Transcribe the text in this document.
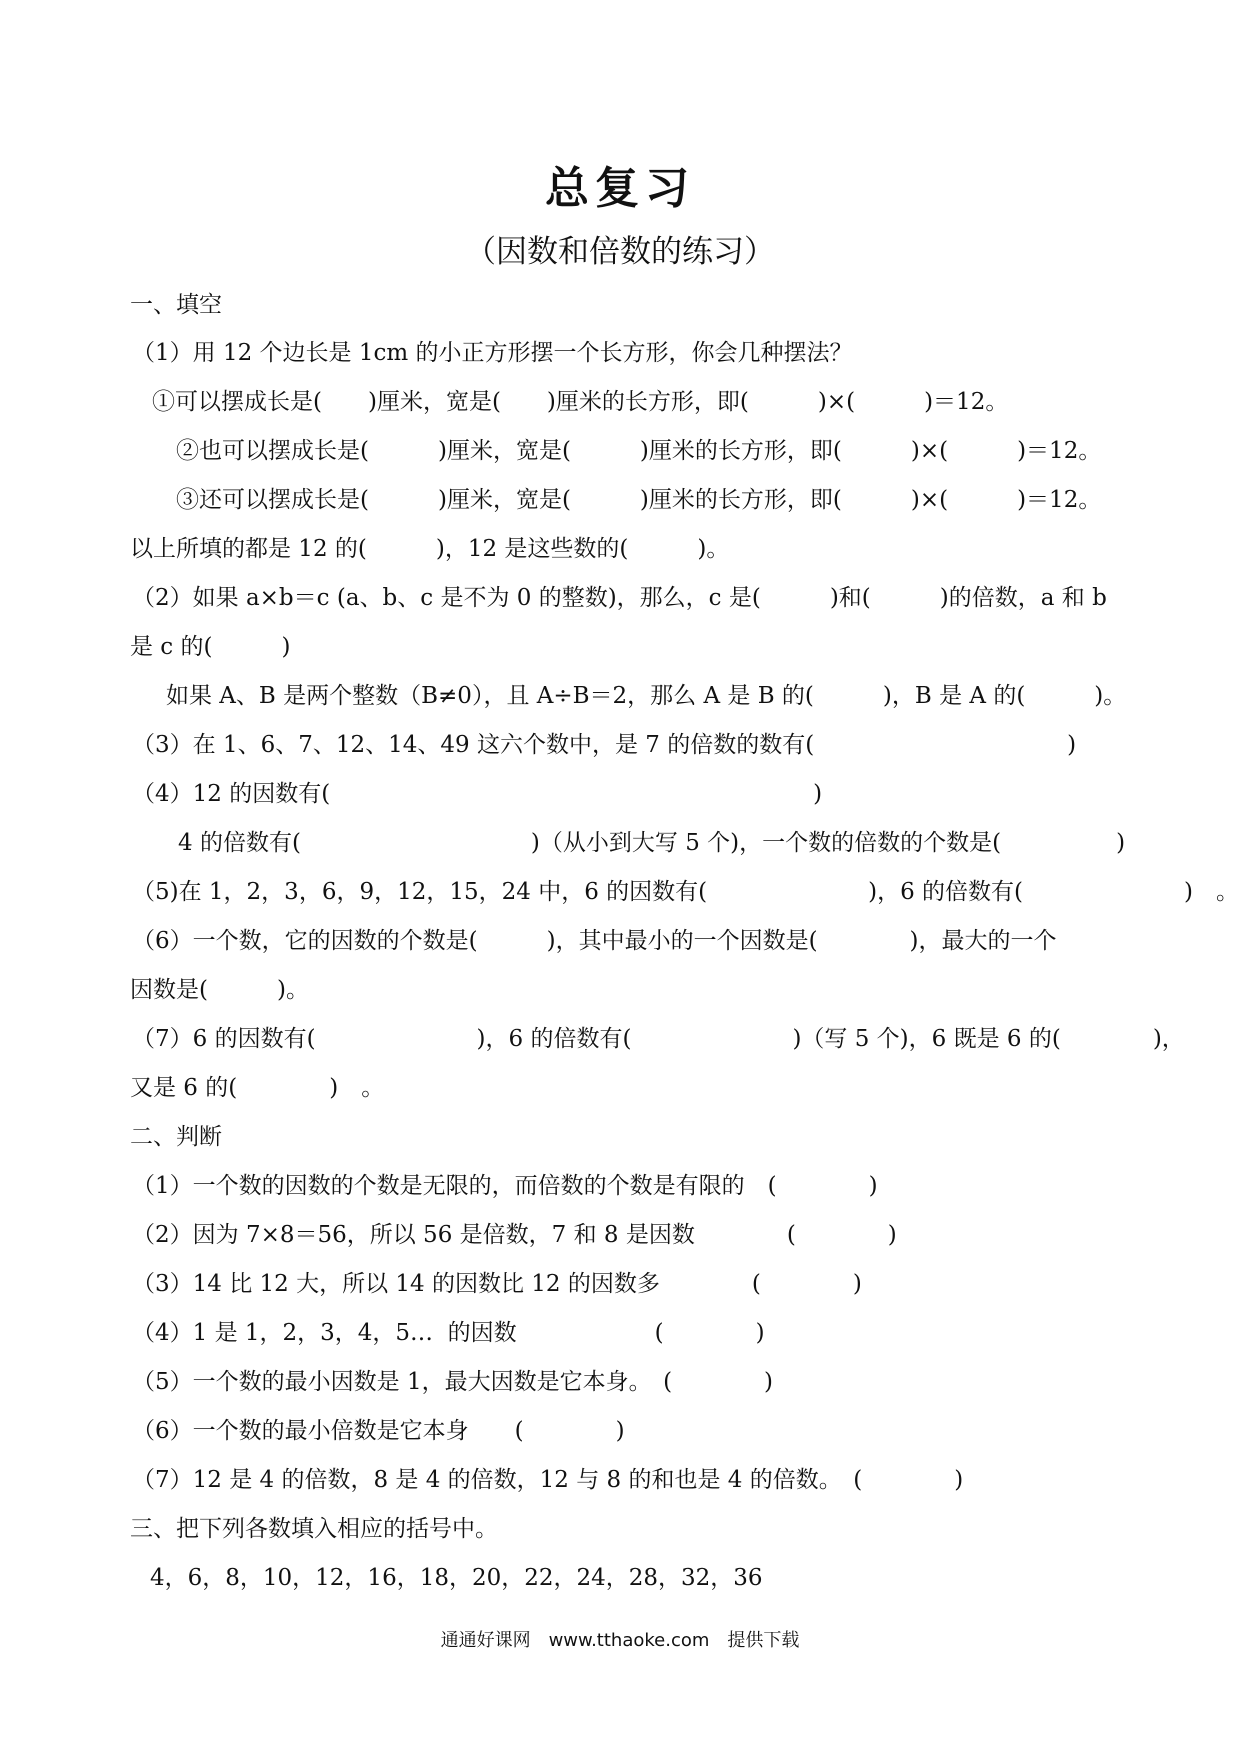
总复习
（因数和倍数的练习）
一、填空
（1）用 12 个边长是 1cm 的小正方形摆一个长方形，你会几种摆法？
①可以摆成长是(　　)厘米，宽是(　　)厘米的长方形，即(　　　)×(　　　)＝12。
②也可以摆成长是(　　　)厘米，宽是(　　　)厘米的长方形，即(　　　)×(　　　)＝12。
③还可以摆成长是(　　　)厘米，宽是(　　　)厘米的长方形，即(　　　)×(　　　)＝12。
以上所填的都是 12 的(　　　)，12 是这些数的(　　　)。
（2）如果 a×b＝c (a、b、c 是不为 0 的整数)，那么，c 是(　　　)和(　　　)的倍数，a 和 b
是 c 的(　　　)
如果 A、B 是两个整数（B≠0），且 A÷B＝2，那么 A 是 B 的(　　　)，B 是 A 的(　　　)。
（3）在 1、6、7、12、14、49 这六个数中，是 7 的倍数的数有(　　　　　　　　　　　)
（4）12 的因数有(　　　　　　　　　　　　　　　　　　　　　)
4 的倍数有(　　　　　　　　　　)（从小到大写 5 个)，一个数的倍数的个数是(　　　　　)
（5)在 1，2，3，6，9，12，15，24 中，6 的因数有(　　　　　　　)，6 的倍数有(　　　　　　　)　。
（6）一个数，它的因数的个数是(　　　)，其中最小的一个因数是(　　　　)，最大的一个
因数是(　　　)。
（7）6 的因数有(　　　　　　　)，6 的倍数有(　　　　　　　)（写 5 个)，6 既是 6 的(　　　　)，
又是 6 的(　　　　)　。
二、判断
（1）一个数的因数的个数是无限的，而倍数的个数是有限的　(　　　　)
（2）因为 7×8＝56，所以 56 是倍数，7 和 8 是因数　　　　(　　　　)
（3）14 比 12 大，所以 14 的因数比 12 的因数多　　　　(　　　　)
（4）1 是 1，2，3，4，5…  的因数　　　　　　(　　　　)
（5）一个数的最小因数是 1，最大因数是它本身。　(　　　　)
（6）一个数的最小倍数是它本身　　(　　　　)
（7）12 是 4 的倍数，8 是 4 的倍数，12 与 8 的和也是 4 的倍数。　(　　　　)
三、把下列各数填入相应的括号中。
4，6，8，10，12，16，18，20，22，24，28，32，36
通通好课网　www.tthaoke.com　提供下载
